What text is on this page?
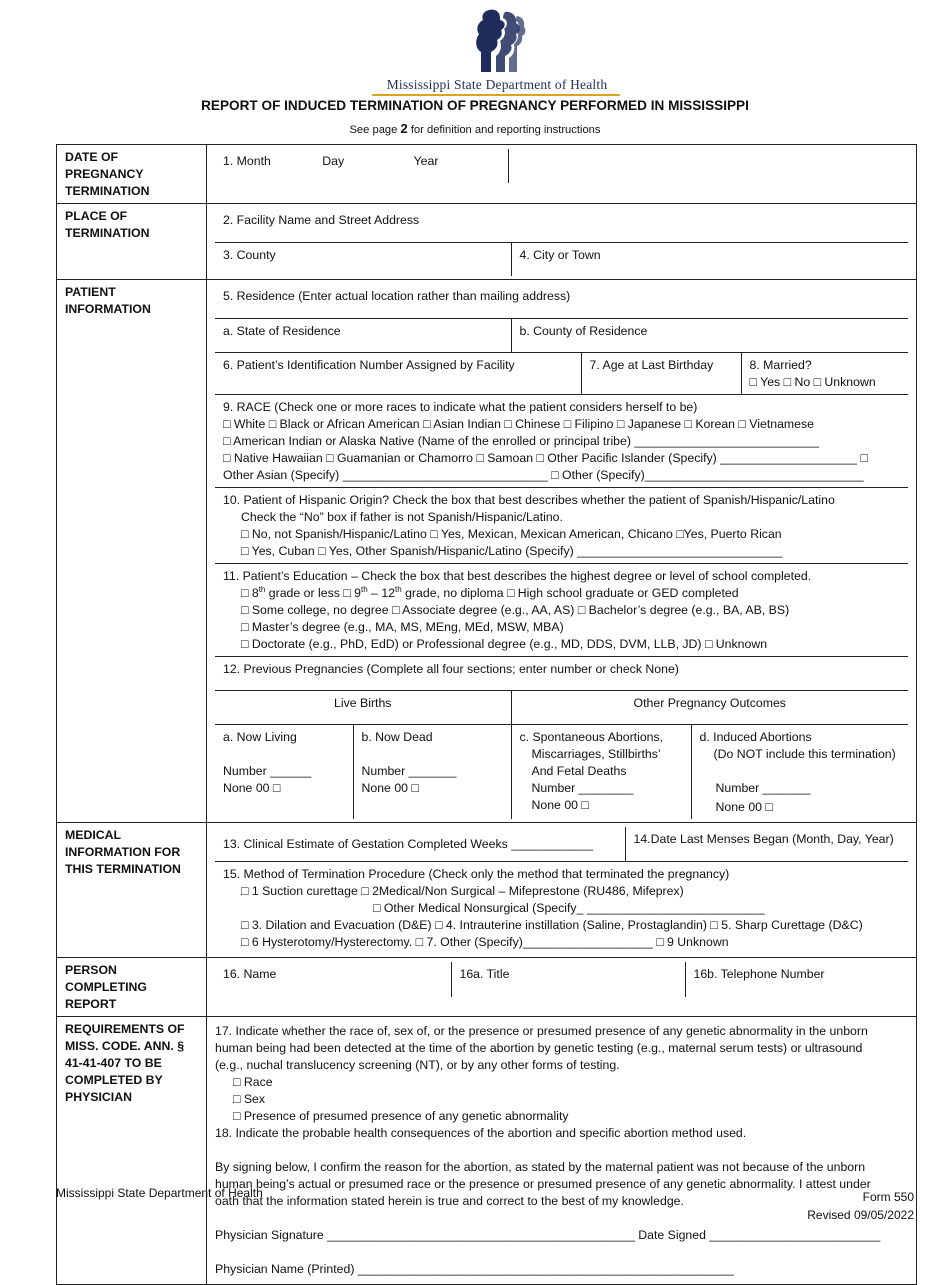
Mississippi State Department of Health
REPORT OF INDUCED TERMINATION OF PREGNANCY PERFORMED IN MISSISSIPPI
See page 2 for definition and reporting instructions
DATE OF PREGNANCY TERMINATION	
1. Month	Day	Year	

PLACE OF TERMINATION	
2. Facility Name and Street Address
3. County	4. City or Town

PATIENT INFORMATION	
5. Residence (Enter actual location rather than mailing address)
a. State of Residence	b. County of Residence
6. Patient’s Identification Number Assigned by Facility	7. Age at Last Birthday	8. Married?
□ Yes □ No □ Unknown

9. RACE (Check one or more races to indicate what the patient considers herself to be)
□ White □ Black or African American □ Asian Indian □ Chinese □ Filipino □ Japanese □ Korean □ Vietnamese
□ American Indian or Alaska Native (Name of the enrolled or principal tribe) ___________________________
□ Native Hawaiian □ Guamanian or Chamorro □ Samoan □ Other Pacific Islander (Specify) ____________________ □
Other Asian (Specify) ______________________________ □ Other (Specify)________________________________

10. Patient of Hispanic Origin? Check the box that best describes whether the patient of Spanish/Hispanic/Latino
Check the “No” box if father is not Spanish/Hispanic/Latino.
□ No, not Spanish/Hispanic/Latino □ Yes, Mexican, Mexican American, Chicano □Yes, Puerto Rican
□ Yes, Cuban □ Yes, Other Spanish/Hispanic/Latino (Specify) ______________________________

11. Patient’s Education – Check the box that best describes the highest degree or level of school completed.
□ 8th grade or less □ 9th – 12th grade, no diploma □ High school graduate or GED completed
□ Some college, no degree □ Associate degree (e.g., AA, AS) □ Bachelor’s degree (e.g., BA, AB, BS)
□ Master’s degree (e.g., MA, MS, MEng, MEd, MSW, MBA)
□ Doctorate (e.g., PhD, EdD) or Professional degree (e.g., MD, DDS, DVM, LLB, JD) □ Unknown

12. Previous Pregnancies (Complete all four sections; enter number or check None)
Live Births	Other Pregnancy Outcomes

a. Now Living
Number ______
None 00 □

b. Now Dead
Number _______
None 00 □

c. Spontaneous Abortions,
Miscarriages, Stillbirths’
And Fetal Deaths
Number ________
None 00 □

d. Induced Abortions
(Do NOT include this termination)
Number _______
None 00 □

MEDICAL INFORMATION FOR THIS TERMINATION	
13. Clinical Estimate of Gestation Completed Weeks ____________	14.Date Last Menses Began (Month, Day, Year)

15. Method of Termination Procedure (Check only the method that terminated the pregnancy)
□ 1 Suction curettage □ 2Medical/Non Surgical – Mifeprestone (RU486, Mifeprex)
□ Other Medical Nonsurgical (Specify_ __________________________
□ 3. Dilation and Evacuation (D&E) □ 4. Intrauterine instillation (Saline, Prostaglandin) □ 5. Sharp Curettage (D&C)
□ 6 Hysterotomy/Hysterectomy. □ 7. Other (Specify)___________________ □ 9 Unknown

PERSON COMPLETING REPORT	
16. Name	16a. Title	16b. Telephone Number

REQUIREMENTS OF MISS. CODE. ANN. § 41-41-407 TO BE COMPLETED BY PHYSICIAN	
17. Indicate whether the race of, sex of, or the presence or presumed presence of any genetic abnormality in the unborn
human being had been detected at the time of the abortion by genetic testing (e.g., maternal serum tests) or ultrasound
(e.g., nuchal translucency screening (NT), or by any other forms of testing.
□ Race
□ Sex
□ Presence of presumed presence of any genetic abnormality
18. Indicate the probable health consequences of the abortion and specific abortion method used.
By signing below, I confirm the reason for the abortion, as stated by the maternal patient was not because of the unborn
human being’s actual or presumed race or the presence or presumed presence of any genetic abnormality. I attest under
oath that the information stated herein is true and correct to the best of my knowledge.
Physician Signature _____________________________________________ Date Signed _________________________
Physician Name (Printed) _______________________________________________________
Mississippi State Department of Health	Form 550
Revised 09/05/2022
